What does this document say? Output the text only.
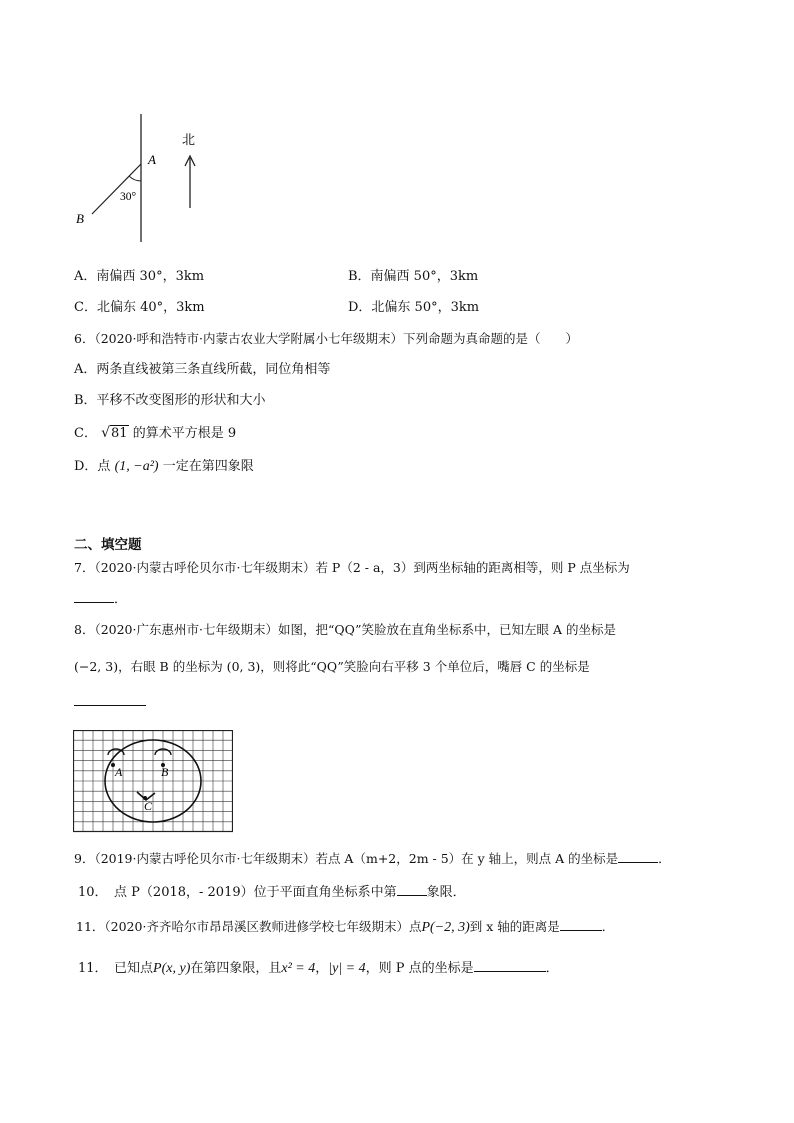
北
A
B
30°
A．南偏西 30°，3km	B．南偏西 50°，3km
C．北偏东 40°，3km	D．北偏东 50°，3km
6．（2020·呼和浩特市·内蒙古农业大学附属小七年级期末）下列命题为真命题的是（　　）
A．两条直线被第三条直线所截，同位角相等
B．平移不改变图形的形状和大小
C． √81 的算术平方根是 9
D．点 (1, −a²) 一定在第四象限
二、填空题
7．（2020·内蒙古呼伦贝尔市·七年级期末）若 P（2 - a，3）到两坐标轴的距离相等，则 P 点坐标为
．
8．（2020·广东惠州市·七年级期末）如图，把“QQ”笑脸放在直角坐标系中，已知左眼 A 的坐标是
(−2, 3)，右眼 B 的坐标为 (0, 3)，则将此“QQ”笑脸向右平移 3 个单位后，嘴唇 C 的坐标是
A	B
C
9．（2019·内蒙古呼伦贝尔市·七年级期末）若点 A（m+2，2m - 5）在 y 轴上，则点 A 的坐标是	．
10．　点 P（2018，- 2019）位于平面直角坐标系中第 象限．
11．（2020·齐齐哈尔市昂昂溪区教师进修学校七年级期末）点P(−2, 3)到 x 轴的距离是	．
11．　已知点P(x, y)在第四象限，且x² = 4，|y| = 4，则 P 点的坐标是	．
